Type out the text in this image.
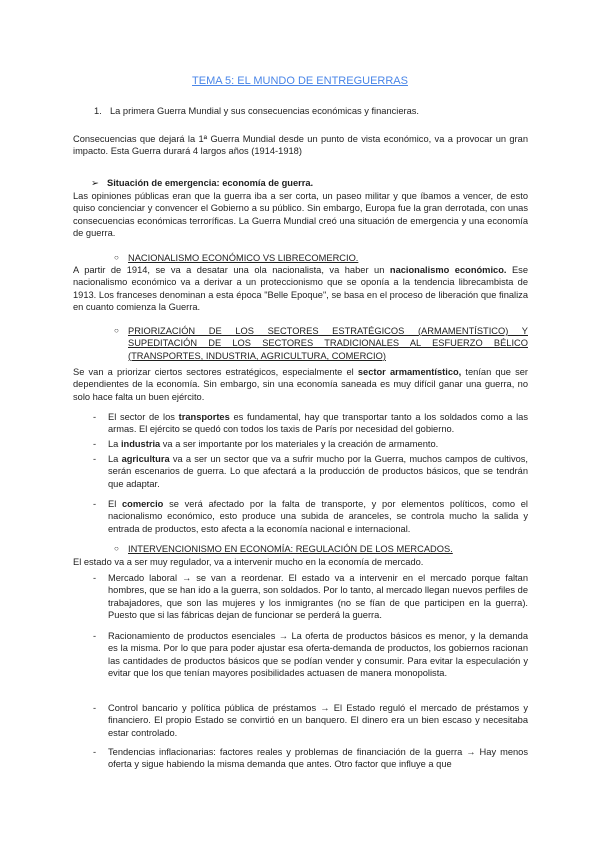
TEMA 5: EL MUNDO DE ENTREGUERRAS
1. La primera Guerra Mundial y sus consecuencias económicas y financieras.
Consecuencias que dejará la 1ª Guerra Mundial desde un punto de vista económico, va a provocar un gran impacto. Esta Guerra durará 4 largos años (1914-1918)
➢ Situación de emergencia: economía de guerra.
Las opiniones públicas eran que la guerra iba a ser corta, un paseo militar y que íbamos a vencer, de esto quiso concienciar y convencer el Gobierno a su público. Sin embargo, Europa fue la gran derrotada, con unas consecuencias económicas terroríficas. La Guerra Mundial creó una situación de emergencia y una economía de guerra.
○ NACIONALISMO ECONÓMICO VS LIBRECOMERCIO.
A partir de 1914, se va a desatar una ola nacionalista, va haber un nacionalismo económico. Ese nacionalismo económico va a derivar a un proteccionismo que se oponía a la tendencia librecambista de 1913. Los franceses denominan a esta época "Belle Epoque", se basa en el proceso de liberación que finaliza en cuanto comienza la Guerra.
○ PRIORIZACIÓN DE LOS SECTORES ESTRATÉGICOS (ARMAMENTÍSTICO) Y SUPEDITACIÓN DE LOS SECTORES TRADICIONALES AL ESFUERZO BÉLICO (TRANSPORTES, INDUSTRIA, AGRICULTURA, COMERCIO)
Se van a priorizar ciertos sectores estratégicos, especialmente el sector armamentístico, tenían que ser dependientes de la economía. Sin embargo, sin una economía saneada es muy difícil ganar una guerra, no solo hace falta un buen ejército.
- El sector de los transportes es fundamental, hay que transportar tanto a los soldados como a las armas. El ejército se quedó con todos los taxis de París por necesidad del gobierno.
- La industria va a ser importante por los materiales y la creación de armamento.
- La agricultura va a ser un sector que va a sufrir mucho por la Guerra, muchos campos de cultivos, serán escenarios de guerra. Lo que afectará a la producción de productos básicos, que se tendrán que adaptar.
- El comercio se verá afectado por la falta de transporte, y por elementos políticos, como el nacionalismo económico, esto produce una subida de aranceles, se controla mucho la salida y entrada de productos, esto afecta a la economía nacional e internacional.
○ INTERVENCIONISMO EN ECONOMÍA: REGULACIÓN DE LOS MERCADOS.
El estado va a ser muy regulador, va a intervenir mucho en la economía de mercado.
- Mercado laboral → se van a reordenar. El estado va a intervenir en el mercado porque faltan hombres, que se han ido a la guerra, son soldados. Por lo tanto, al mercado llegan nuevos perfiles de trabajadores, que son las mujeres y los inmigrantes (no se fían de que participen en la guerra). Puesto que si las fábricas dejan de funcionar se perderá la guerra.
- Racionamiento de productos esenciales → La oferta de productos básicos es menor, y la demanda es la misma. Por lo que para poder ajustar esa oferta-demanda de productos, los gobiernos racionan las cantidades de productos básicos que se podían vender y consumir. Para evitar la especulación y evitar que los que tenían mayores posibilidades actuasen de manera monopolista.
- Control bancario y política pública de préstamos → El Estado reguló el mercado de préstamos y financiero. El propio Estado se convirtió en un banquero. El dinero era un bien escaso y necesitaba estar controlado.
- Tendencias inflacionarias: factores reales y problemas de financiación de la guerra → Hay menos oferta y sigue habiendo la misma demanda que antes. Otro factor que influye a que
